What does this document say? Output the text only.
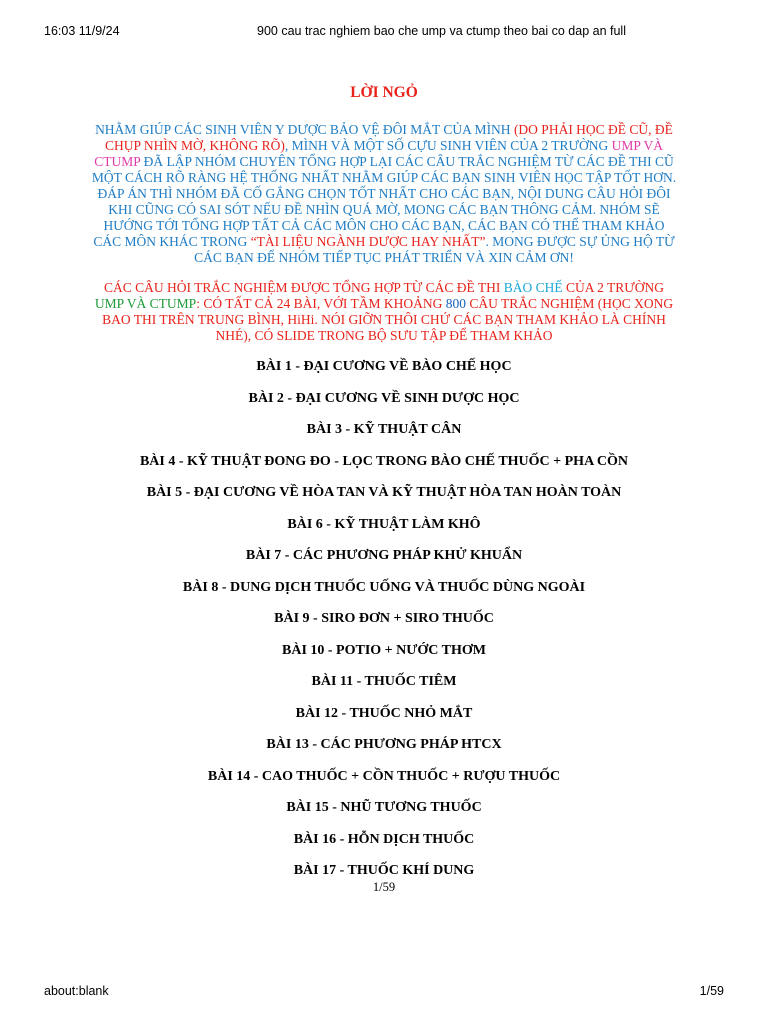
16:03 11/9/24	900 cau trac nghiem bao che ump va ctump theo bai co dap an full
LỜI NGỎ

NHẰM GIÚP CÁC SINH VIÊN Y DƯỢC BẢO VỆ ĐÔI MẮT CỦA MÌNH (DO PHẢI HỌC ĐỀ CŨ, ĐỀ CHỤP NHÌN MỜ, KHÔNG RÕ), MÌNH VÀ MỘT SỐ CỰU SINH VIÊN CỦA 2 TRƯỜNG UMP VÀ CTUMP ĐÃ LẬP NHÓM CHUYÊN TỔNG HỢP LẠI CÁC CÂU TRẮC NGHIỆM TỪ CÁC ĐỀ THI CŨ MỘT CÁCH RÕ RÀNG HỆ THỐNG NHẤT NHẰM GIÚP CÁC BẠN SINH VIÊN HỌC TẬP TỐT HƠN. ĐÁP ÁN THÌ NHÓM ĐÃ CỐ GẮNG CHỌN TỐT NHẤT CHO CÁC BẠN, NỘI DUNG CÂU HỎI ĐÔI KHI CŨNG CÓ SAI SÓT NẾU ĐỀ NHÌN QUÁ MỜ, MONG CÁC BẠN THÔNG CẢM. NHÓM SẼ HƯỚNG TỚI TỔNG HỢP TẤT CẢ CÁC MÔN CHO CÁC BẠN, CÁC BẠN CÓ THỂ THAM KHẢO CÁC MÔN KHÁC TRONG “TÀI LIỆU NGÀNH DƯỢC HAY NHẤT”. MONG ĐƯỢC SỰ ỦNG HỘ TỪ CÁC BẠN ĐỂ NHÓM TIẾP TỤC PHÁT TRIỂN VÀ XIN CẢM ƠN!

CÁC CÂU HỎI TRẮC NGHIỆM ĐƯỢC TỔNG HỢP TỪ CÁC ĐỀ THI BÀO CHẾ CỦA 2 TRƯỜNG UMP VÀ CTUMP: CÓ TẤT CẢ 24 BÀI, VỚI TẦM KHOẢNG 800 CÂU TRẮC NGHIỆM (HỌC XONG BAO THI TRÊN TRUNG BÌNH, HiHi. NÓI GIỠN THÔI CHỨ CÁC BẠN THAM KHẢO LÀ CHÍNH NHÉ), CÓ SLIDE TRONG BỘ SƯU TẬP ĐỂ THAM KHẢO

BÀI 1 - ĐẠI CƯƠNG VỀ BÀO CHẾ HỌC
BÀI 2 - ĐẠI CƯƠNG VỀ SINH DƯỢC HỌC
BÀI 3 - KỸ THUẬT CÂN
BÀI 4 - KỸ THUẬT ĐONG ĐO - LỌC TRONG BÀO CHẾ THUỐC + PHA CỒN
BÀI 5 - ĐẠI CƯƠNG VỀ HÒA TAN VÀ KỸ THUẬT HÒA TAN HOÀN TOÀN
BÀI 6 - KỸ THUẬT LÀM KHÔ
BÀI 7 - CÁC PHƯƠNG PHÁP KHỬ KHUẨN
BÀI 8 - DUNG DỊCH THUỐC UỐNG VÀ THUỐC DÙNG NGOÀI
BÀI 9 - SIRO ĐƠN + SIRO THUỐC
BÀI 10 - POTIO + NƯỚC THƠM
BÀI 11 - THUỐC TIÊM
BÀI 12 - THUỐC NHỎ MẮT
BÀI 13 - CÁC PHƯƠNG PHÁP HTCX
BÀI 14 - CAO THUỐC + CỒN THUỐC + RƯỢU THUỐC
BÀI 15 - NHŨ TƯƠNG THUỐC
BÀI 16 - HỖN DỊCH THUỐC
BÀI 17 - THUỐC KHÍ DUNG
1/59
about:blank	1/59
